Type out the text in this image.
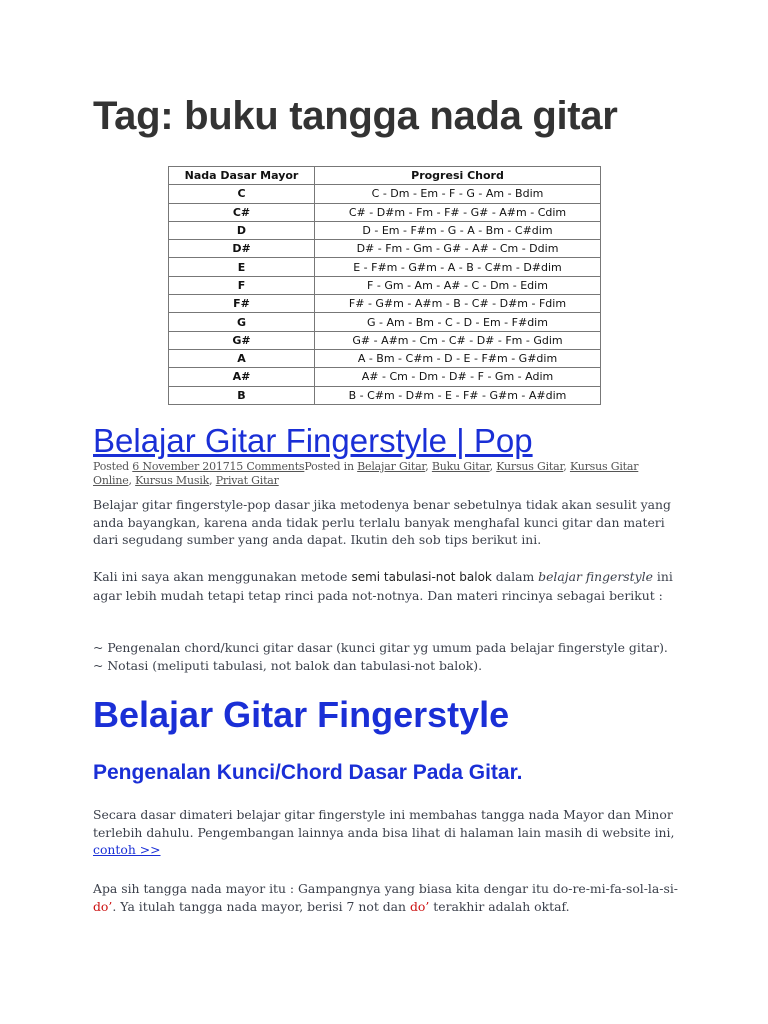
Tag: buku tangga nada gitar
Nada Dasar Mayor	Progresi Chord
C	C - Dm - Em - F - G - Am - Bdim
C#	C# - D#m - Fm - F# - G# - A#m - Cdim
D	D - Em - F#m - G - A - Bm - C#dim
D#	D# - Fm - Gm - G# - A# - Cm - Ddim
E	E - F#m - G#m - A - B - C#m - D#dim
F	F - Gm - Am - A# - C - Dm - Edim
F#	F# - G#m - A#m - B - C# - D#m - Fdim
G	G - Am - Bm - C - D - Em - F#dim
G#	G# - A#m - Cm - C# - D# - Fm - Gdim
A	A - Bm - C#m - D - E - F#m - G#dim
A#	A# - Cm - Dm - D# - F - Gm - Adim
B	B - C#m - D#m - E - F# - G#m - A#dim
Belajar Gitar Fingerstyle | Pop
Posted 6 November 201715 CommentsPosted in Belajar Gitar, Buku Gitar, Kursus Gitar, Kursus Gitar Online, Kursus Musik, Privat Gitar

Belajar gitar fingerstyle-pop dasar jika metodenya benar sebetulnya tidak akan sesulit yang anda bayangkan, karena anda tidak perlu terlalu banyak menghafal kunci gitar dan materi dari segudang sumber yang anda dapat. Ikutin deh sob tips berikut ini.

Kali ini saya akan menggunakan metode semi tabulasi-not balok dalam belajar fingerstyle ini agar lebih mudah tetapi tetap rinci pada not-notnya. Dan materi rincinya sebagai berikut :

~ Pengenalan chord/kunci gitar dasar (kunci gitar yg umum pada belajar fingerstyle gitar).
~ Notasi (meliputi tabulasi, not balok dan tabulasi-not balok).

Belajar Gitar Fingerstyle
Pengenalan Kunci/Chord Dasar Pada Gitar.

Secara dasar dimateri belajar gitar fingerstyle ini membahas tangga nada Mayor dan Minor terlebih dahulu. Pengembangan lainnya anda bisa lihat di halaman lain masih di website ini, contoh >>

Apa sih tangga nada mayor itu : Gampangnya yang biasa kita dengar itu do-re-mi-fa-sol-la-si-do’. Ya itulah tangga nada mayor, berisi 7 not dan do’ terakhir adalah oktaf.
